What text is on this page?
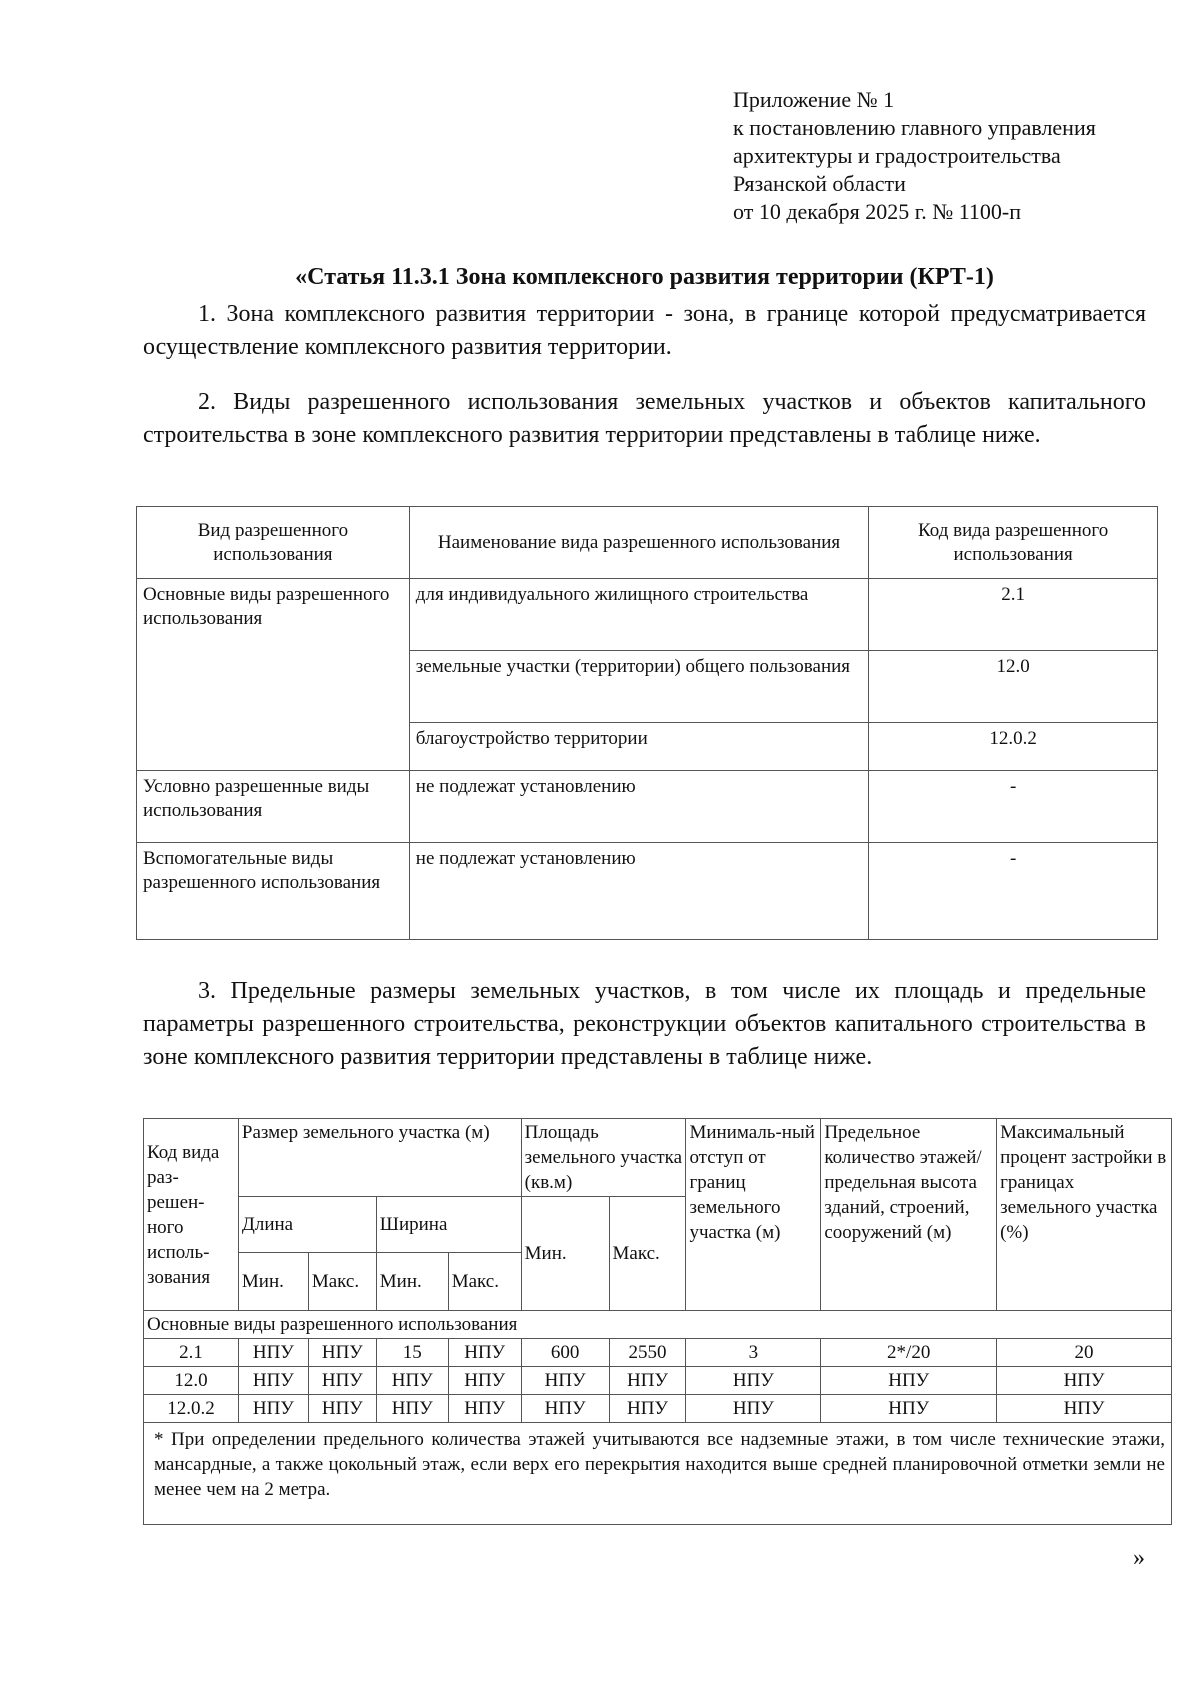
Приложение № 1
к постановлению главного управления
архитектуры и градостроительства
Рязанской области
от 10 декабря 2025 г. № 1100-п
«Статья 11.3.1 Зона комплексного развития территории (КРТ-1)

1. Зона комплексного развития территории - зона, в границе которой предусматривается осуществление комплексного развития территории.

2. Виды разрешенного использования земельных участков и объектов капитального строительства в зоне комплексного развития территории представлены в таблице ниже.

Вид разрешенного использования	Наименование вида разрешенного использования	Код вида разрешенного использования
Основные виды разрешенного использования	для индивидуального жилищного строительства	2.1
	земельные участки (территории) общего пользования	12.0
	благоустройство территории	12.0.2
Условно разрешенные виды использования	не подлежат установлению	-
Вспомогательные виды разрешенного использования	не подлежат установлению	-

3. Предельные размеры земельных участков, в том числе их площадь и предельные параметры разрешенного строительства, реконструкции объектов капитального строительства в зоне комплексного развития территории представлены в таблице ниже.

Код вида раз-решен-ного исполь-зования	Размер земельного участка (м)				Площадь земельного участка (кв.м)		Минималь-ный отступ от границ земельного участка (м)	Предельное количество этажей/ предельная высота зданий, строений, сооружений (м)	Максимальный процент застройки в границах земельного участка (%)
	Длина		Ширина		Мин.	Макс.			
	Мин.	Макс.	Мин.	Макс.					
Основные виды разрешенного использования									
2.1	НПУ	НПУ	15	НПУ	600	2550	3	2*/20	20
12.0	НПУ	НПУ	НПУ	НПУ	НПУ	НПУ	НПУ	НПУ	НПУ
12.0.2	НПУ	НПУ	НПУ	НПУ	НПУ	НПУ	НПУ	НПУ	НПУ
* При определении предельного количества этажей учитываются все надземные этажи, в том числе технические этажи, мансардные, а также цокольный этаж, если верх его перекрытия находится выше средней планировочной отметки земли не менее чем на 2 метра.									
»
